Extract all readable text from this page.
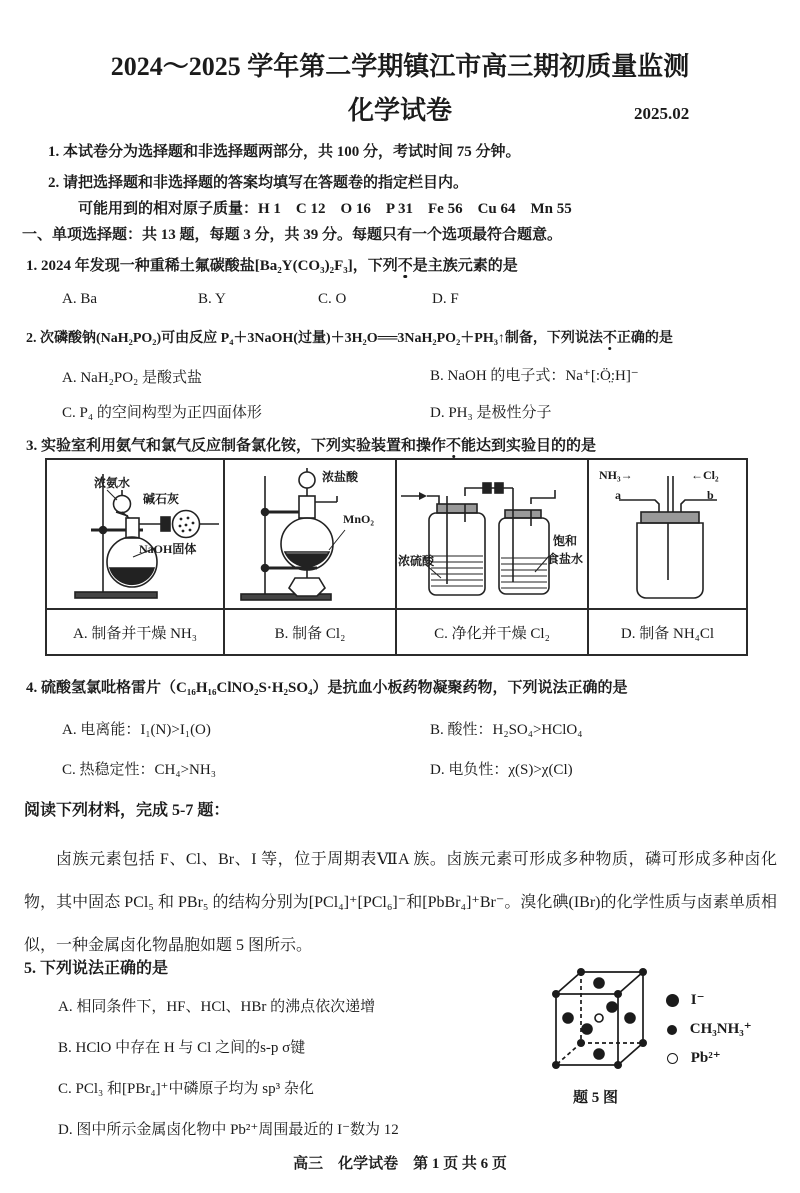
2024～2025 学年第二学期镇江市高三期初质量监测
化学试卷	2025.02
1. 本试卷分为选择题和非选择题两部分，共 100 分，考试时间 75 分钟。
2. 请把选择题和非选择题的答案均填写在答题卷的指定栏目内。
可能用到的相对原子质量：H 1　C 12　O 16　P 31　Fe 56　Cu 64　Mn 55
一、单项选择题：共 13 题，每题 3 分，共 39 分。每题只有一个选项最符合题意。
1. 2024 年发现一种重稀土氟碳酸盐[Ba₂Y(CO₃)₂F₃]，下列不是主族元素的是
A. Ba	B. Y	C. O	D. F
2. 次磷酸钠(NaH₂PO₂)可由反应 P₄＋3NaOH(过量)＋3H₂O══3NaH₂PO₂＋PH₃↑制备，下列说法不正确的是
A. NaH₂PO₂ 是酸式盐	B. NaOH 的电子式：Na⁺[:Ö̤:H]⁻
C. P₄ 的空间构型为正四面体形	D. PH₃ 是极性分子
3. 实验室利用氨气和氯气反应制备氯化铵，下列实验装置和操作不能达到实验目的的是
浓氨水
碱石灰
NaOH固体
浓盐酸
MnO₂
浓硫酸
饱和
食盐水
NH₃→	←Cl₂
a	b
A. 制备并干燥 NH₃	B. 制备 Cl₂	C. 净化并干燥 Cl₂	D. 制备 NH₄Cl
4. 硫酸氢氯吡格雷片（C₁₆H₁₆ClNO₂S·H₂SO₄）是抗血小板药物凝聚药物，下列说法正确的是
A. 电离能：I₁(N)>I₁(O)	B. 酸性：H₂SO₄>HClO₄
C. 热稳定性：CH₄>NH₃	D. 电负性：χ(S)>χ(Cl)
阅读下列材料，完成 5-7 题：
卤族元素包括 F、Cl、Br、I 等，位于周期表ⅦA 族。卤族元素可形成多种物质，磷可形成多种卤化物，其中固态 PCl₅ 和 PBr₅ 的结构分别为[PCl₄]⁺[PCl₆]⁻和[PbBr₄]⁺Br⁻。溴化碘(IBr)的化学性质与卤素单质相似，一种金属卤化物晶胞如题 5 图所示。
5. 下列说法正确的是
A. 相同条件下，HF、HCl、HBr 的沸点依次递增
B. HClO 中存在 H 与 Cl 之间的s-p σ键
C. PCl₃ 和[PBr₄]⁺中磷原子均为 sp³ 杂化
D. 图中所示金属卤化物中 Pb²⁺周围最近的 I⁻数为 12
I⁻
CH₃NH₃⁺
Pb²⁺
题 5 图
高三　化学试卷　第 1 页 共 6 页
